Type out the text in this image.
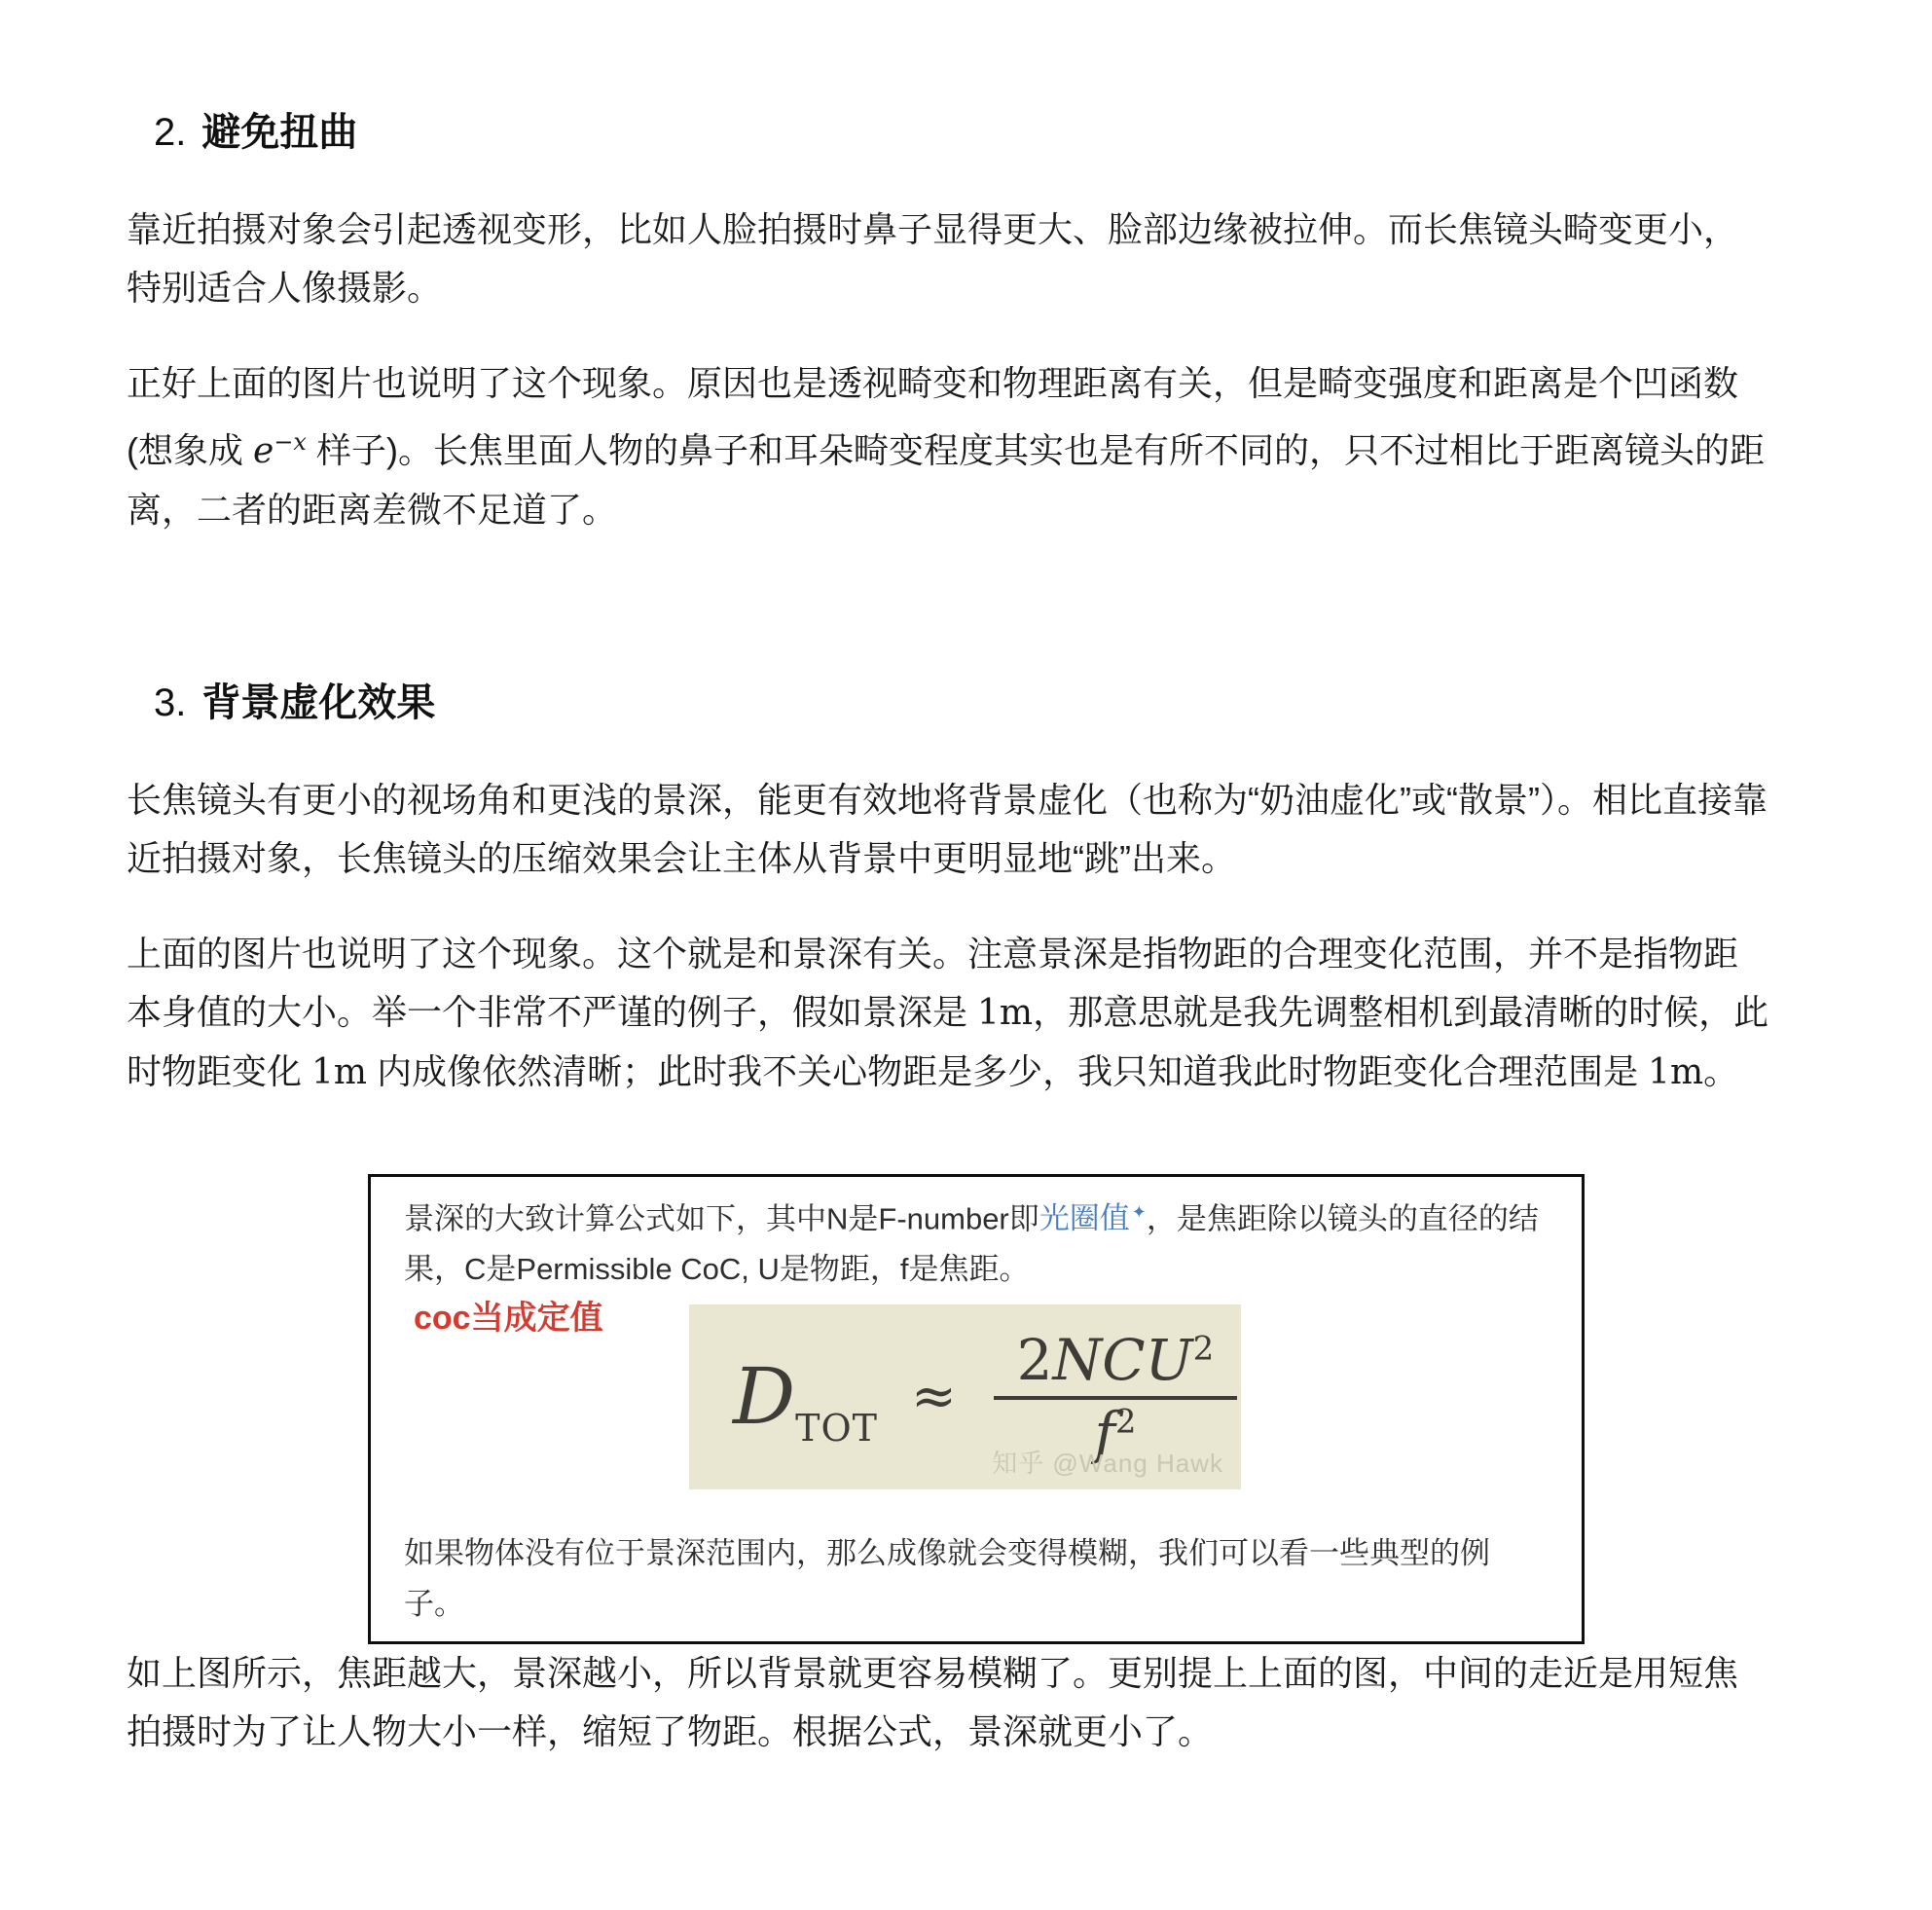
2. 避免扭曲

靠近拍摄对象会引起透视变形，比如人脸拍摄时鼻子显得更大、脸部边缘被拉伸。而长焦镜头畸变更小，特别适合人像摄影。

正好上面的图片也说明了这个现象。原因也是透视畸变和物理距离有关，但是畸变强度和距离是个凹函数 (想象成 $e^{-x}$ 样子)。长焦里面人物的鼻子和耳朵畸变程度其实也是有所不同的，只不过相比于距离镜头的距离，二者的距离差微不足道了。

3. 背景虚化效果

长焦镜头有更小的视场角和更浅的景深，能更有效地将背景虚化（也称为“奶油虚化”或“散景”）。相比直接靠近拍摄对象，长焦镜头的压缩效果会让主体从背景中更明显地“跳”出来。

上面的图片也说明了这个现象。这个就是和景深有关。注意景深是指物距的合理变化范围，并不是指物距本身值的大小。举一个非常不严谨的例子，假如景深是 1m，那意思就是我先调整相机到最清晰的时候，此时物距变化 1m 内成像依然清晰；此时我不关心物距是多少，我只知道我此时物距变化合理范围是 1m。

景深的大致计算公式如下，其中N是F-number即光圈值 ✦，是焦距除以镜头的直径的结果，C是Permissible CoC, U是物距，f是焦距。
coc当成定值
D TOT ≈ $\frac{2NCU^2}{f^2}$
知乎 @Wang Hawk
如果物体没有位于景深范围内，那么成像就会变得模糊，我们可以看一些典型的例子。

如上图所示，焦距越大，景深越小，所以背景就更容易模糊了。更别提上上面的图，中间的走近是用短焦拍摄时为了让人物大小一样，缩短了物距。根据公式，景深就更小了。
